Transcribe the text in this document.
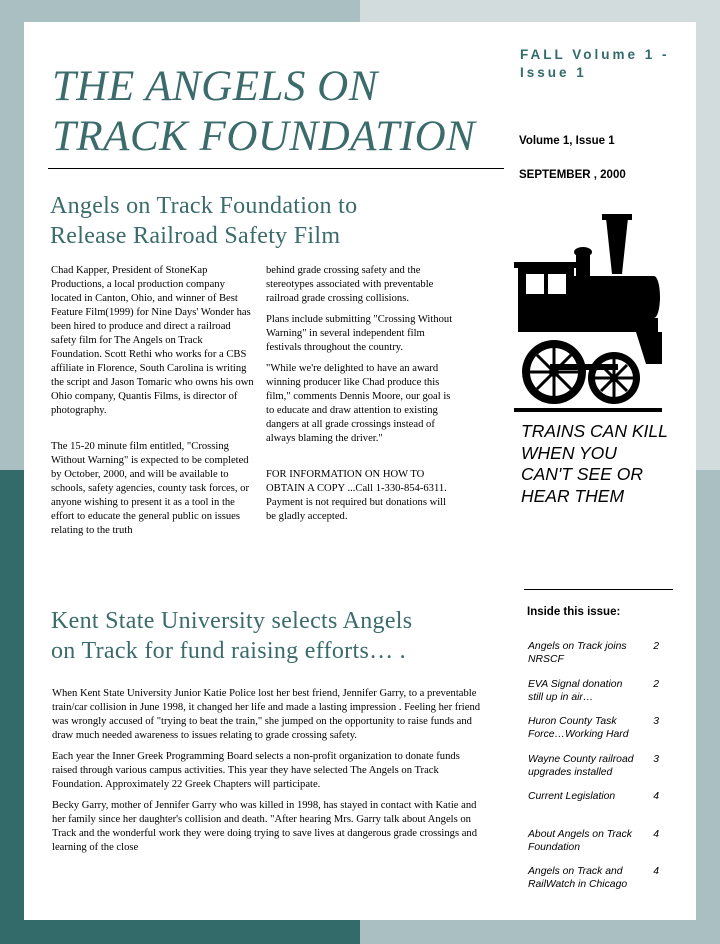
THE ANGELS ON
TRACK FOUNDATION
FALL Volume 1 - Issue 1
Volume 1, Issue 1
SEPTEMBER , 2000
Angels on Track Foundation to
Release Railroad Safety Film

Chad Kapper, President of StoneKap Productions, a local production company located in Canton, Ohio, and winner of Best Feature Film(1999) for Nine Days' Wonder has been hired to produce and direct a railroad safety film for The Angels on Track Foundation. Scott Rethi who works for a CBS affiliate in Florence, South Carolina is writing the script and Jason Tomaric who owns his own Ohio company, Quantis Films, is director of photography.

The 15-20 minute film entitled, "Crossing Without Warning" is expected to be completed by October, 2000, and will be available to schools, safety agencies, county task forces, or anyone wishing to present it as a tool in the effort to educate the general public on issues relating to the truth

behind grade crossing safety and the stereotypes associated with preventable railroad grade crossing collisions.

Plans include submitting "Crossing Without Warning" in several independent film festivals throughout the country.

"While we're delighted to have an award winning producer like Chad produce this film," comments Dennis Moore, our goal is to educate and draw attention to existing dangers at all grade crossings instead of always blaming the driver."

FOR INFORMATION ON HOW TO OBTAIN A COPY ...Call 1-330-854-6311. Payment is not required but donations will be gladly accepted.

TRAINS CAN KILL WHEN YOU CAN'T SEE OR HEAR THEM
Kent State University selects Angels
on Track for fund raising efforts… .

When Kent State University Junior Katie Police lost her best friend, Jennifer Garry, to a preventable train/car collision in June 1998, it changed her life and made a lasting impression . Feeling her friend was wrongly accused of "trying to beat the train," she jumped on the opportunity to raise funds and draw much needed awareness to issues relating to grade crossing safety.

Each year the Inner Greek Programming Board selects a non-profit organization to donate funds raised through various campus activities. This year they have selected The Angels on Track Foundation. Approximately 22 Greek Chapters will participate.

Becky Garry, mother of Jennifer Garry who was killed in 1998, has stayed in contact with Katie and her family since her daughter's collision and death. "After hearing Mrs. Garry talk about Angels on Track and the wonderful work they were doing trying to save lives at dangerous grade crossings and learning of the close

Inside this issue:
Angels on Track joins NRSCF
2
EVA Signal donation still up in air…
2
Huron County Task Force…Working Hard
3
Wayne County railroad upgrades installed
3
Current Legislation	4
About Angels on Track Foundation
4
Angels on Track and RailWatch in Chicago
4
